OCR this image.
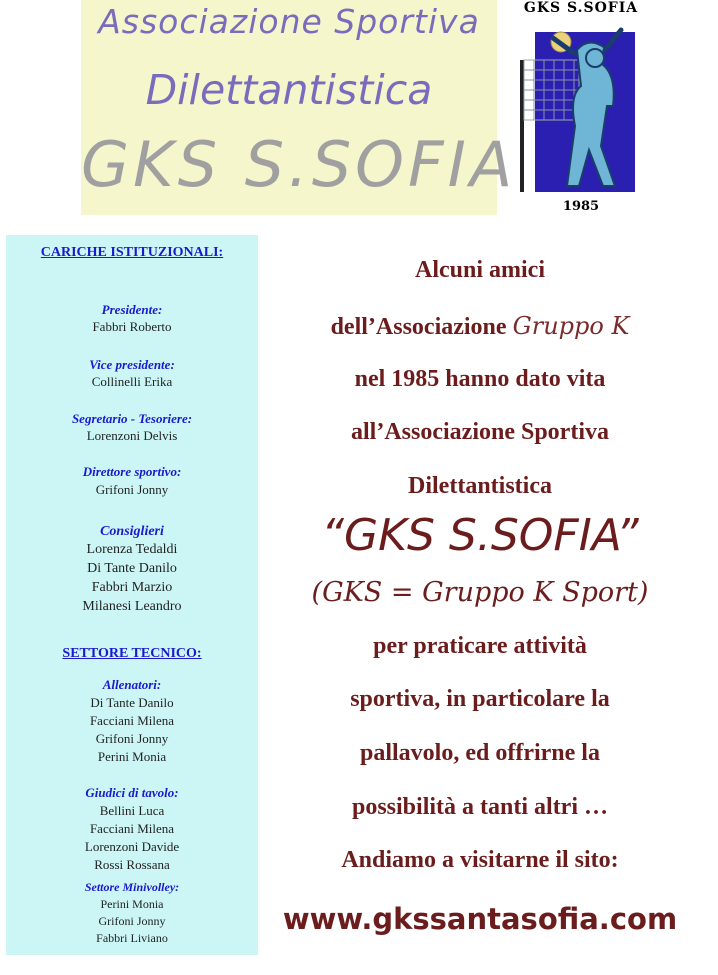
Associazione Sportiva
Dilettantistica
GKS S.SOFIA
GKS S.SOFIA
1985
CARICHE ISTITUZIONALI:
Presidente:
Fabbri Roberto
Vice presidente:
Collinelli Erika
Segretario - Tesoriere:
Lorenzoni Delvis
Direttore sportivo:
Grifoni Jonny
Consiglieri
Lorenza Tedaldi
Di Tante Danilo
Fabbri Marzio
Milanesi Leandro
SETTORE TECNICO:
Allenatori:
Di Tante Danilo
Facciani Milena
Grifoni Jonny
Perini Monia
Giudici di tavolo:
Bellini Luca
Facciani Milena
Lorenzoni Davide
Rossi Rossana
Settore Minivolley:
Perini Monia
Grifoni Jonny
Fabbri Liviano
Alcuni amici
dell’Associazione Gruppo K
nel 1985 hanno dato vita
all’Associazione Sportiva
Dilettantistica
“GKS S.SOFIA”
(GKS = Gruppo K Sport)
per praticare attività
sportiva, in particolare la
pallavolo, ed offrirne la
possibilità a tanti altri …
Andiamo a visitarne il sito:
www.gkssantasofia.com
